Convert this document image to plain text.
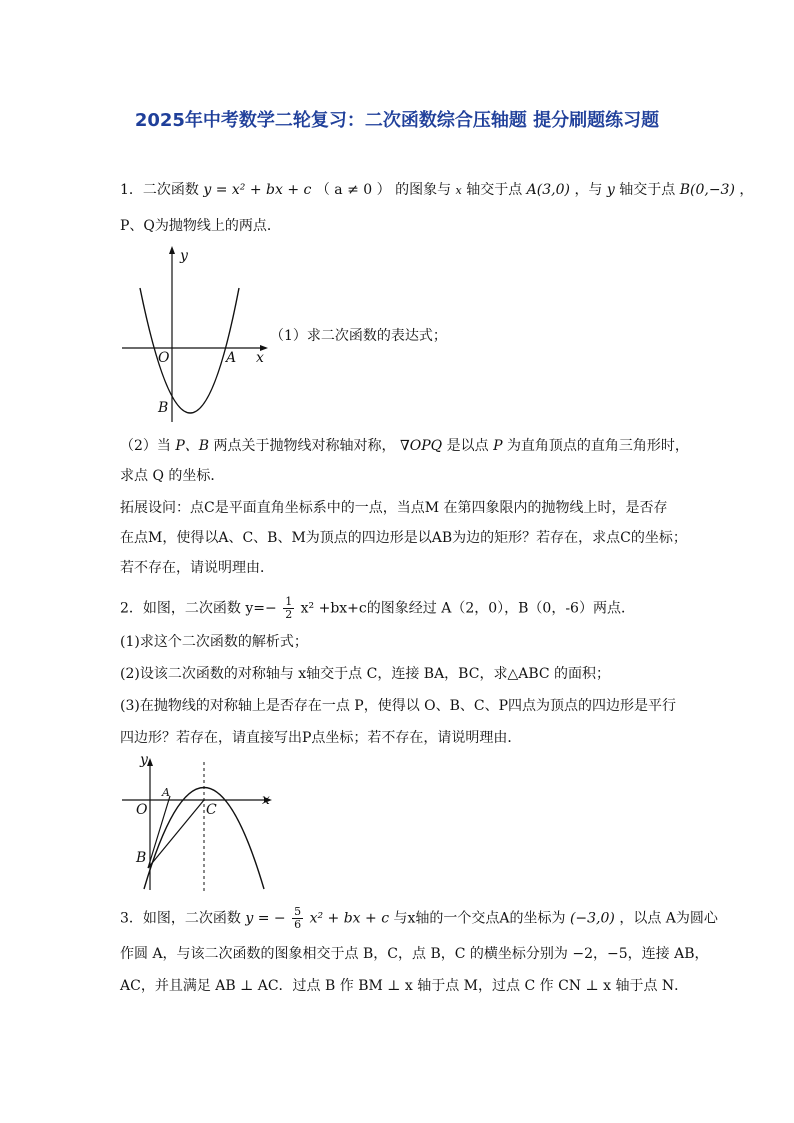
2025年中考数学二轮复习：二次函数综合压轴题 提分刷题练习题
1．二次函数 y = x² + bx + c （ a ≠ 0 ） 的图象与 x 轴交于点 A(3,0) ，与 y 轴交于点 B(0,−3) ，
P、Q为抛物线上的两点．
y
x
O	A
B
（1）求二次函数的表达式；
（2）当 P、B 两点关于抛物线对称轴对称， ∇OPQ 是以点 P 为直角顶点的直角三角形时，
求点 Q 的坐标．
拓展设问：点C是平面直角坐标系中的一点，当点M 在第四象限内的抛物线上时，是否存
在点M，使得以A、C、B、M为顶点的四边形是以AB为边的矩形？若存在，求点C的坐标；
若不存在，请说明理由．
2．如图，二次函数 $y=- \frac{1}{2} x^2 +bx+c$的图象经过 A（2，0），B（0，-6）两点．
(1)求这个二次函数的解析式；
(2)设该二次函数的对称轴与 x轴交于点 C，连接 BA，BC，求△ABC 的面积；
(3)在抛物线的对称轴上是否存在一点 P，使得以 O、B、C、P四点为顶点的四边形是平行
四边形？若存在，请直接写出P点坐标；若不存在，请说明理由．
y
x
O
A
B
C
3．如图，二次函数 y = − $\frac{5}{6} x^2$ + bx + c 与x轴的一个交点A的坐标为 (−3,0) ，以点 A为圆心
作圆 A，与该二次函数的图象相交于点 B，C，点 B，C 的横坐标分别为 −2，−5，连接 AB，
AC，并且满足 AB ⊥ AC．过点 B 作 BM ⊥ x 轴于点 M，过点 C 作 CN ⊥ x 轴于点 N．
